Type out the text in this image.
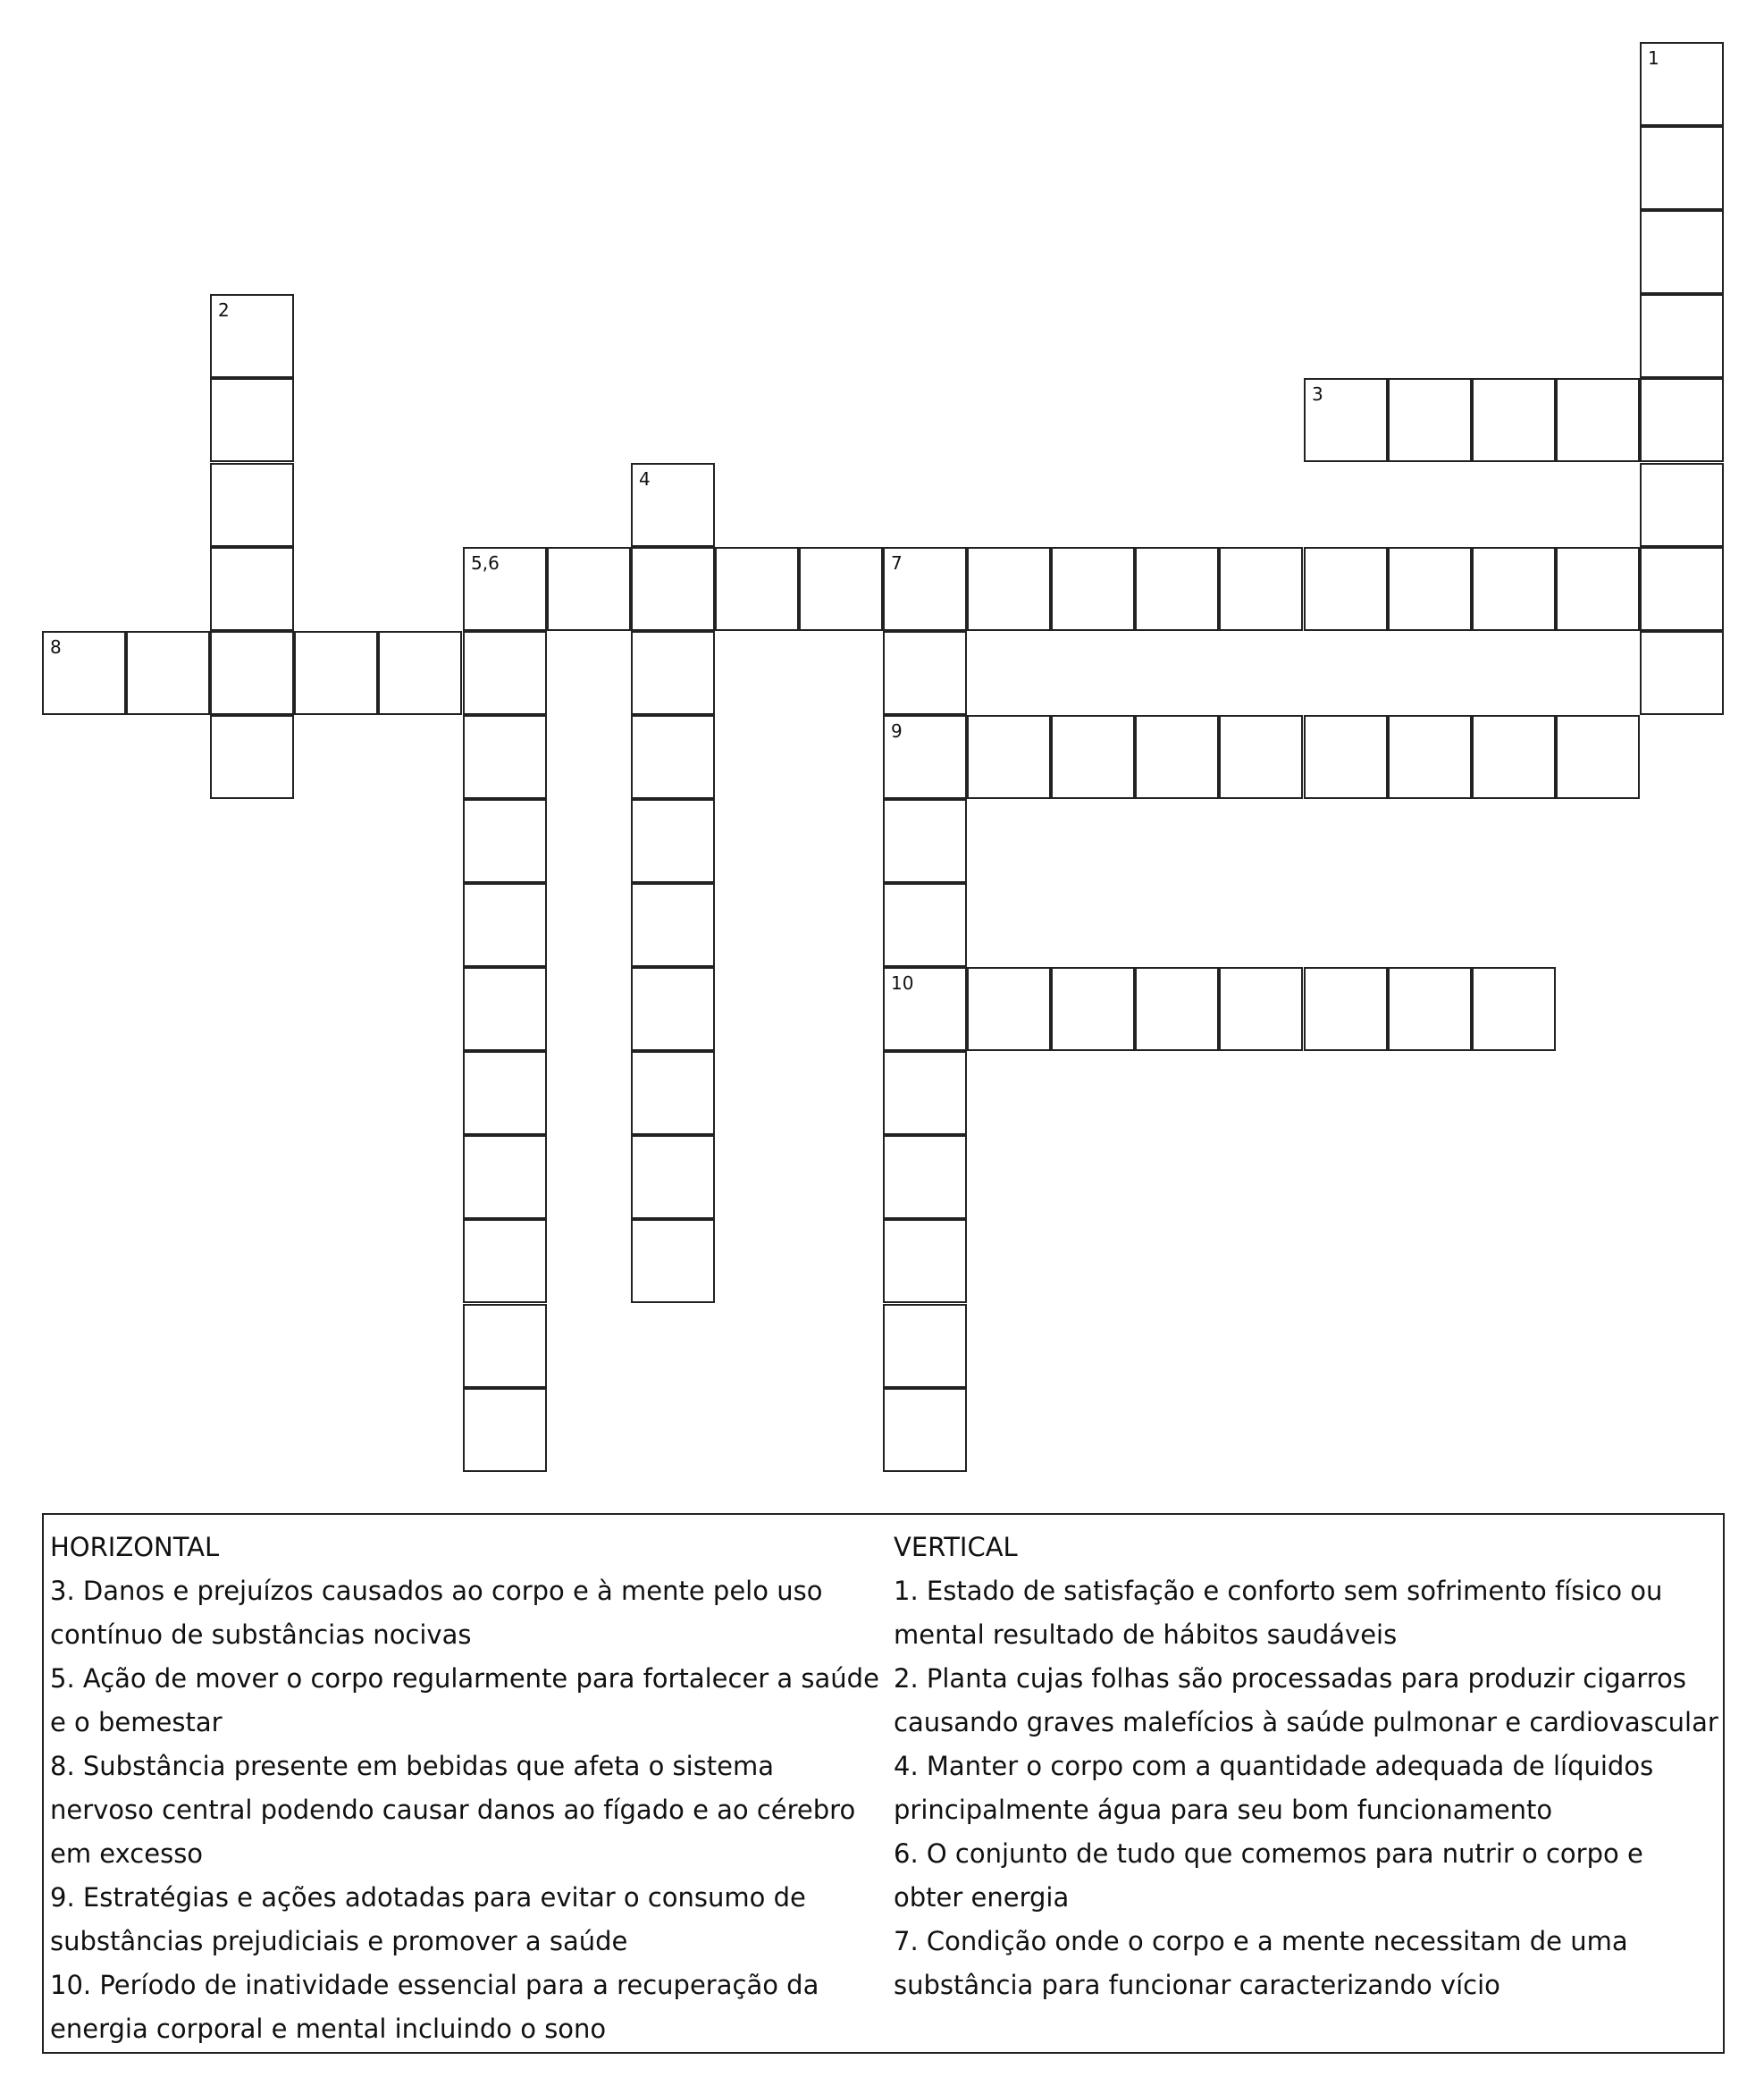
1
2
3
4
5,6	7
9
10
8
HORIZONTAL
3. Danos e prejuízos causados ao corpo e à mente pelo uso contínuo de substâncias nocivas
5. Ação de mover o corpo regularmente para fortalecer a saúde e o bemestar
8. Substância presente em bebidas que afeta o sistema nervoso central podendo causar danos ao fígado e ao cérebro em excesso
9. Estratégias e ações adotadas para evitar o consumo de substâncias prejudiciais e promover a saúde
10. Período de inatividade essencial para a recuperação da energia corporal e mental incluindo o sono
VERTICAL
1. Estado de satisfação e conforto sem sofrimento físico ou mental resultado de hábitos saudáveis
2. Planta cujas folhas são processadas para produzir cigarros causando graves malefícios à saúde pulmonar e cardiovascular
4. Manter o corpo com a quantidade adequada de líquidos principalmente água para seu bom funcionamento
6. O conjunto de tudo que comemos para nutrir o corpo e obter energia
7. Condição onde o corpo e a mente necessitam de uma substância para funcionar caracterizando vício
